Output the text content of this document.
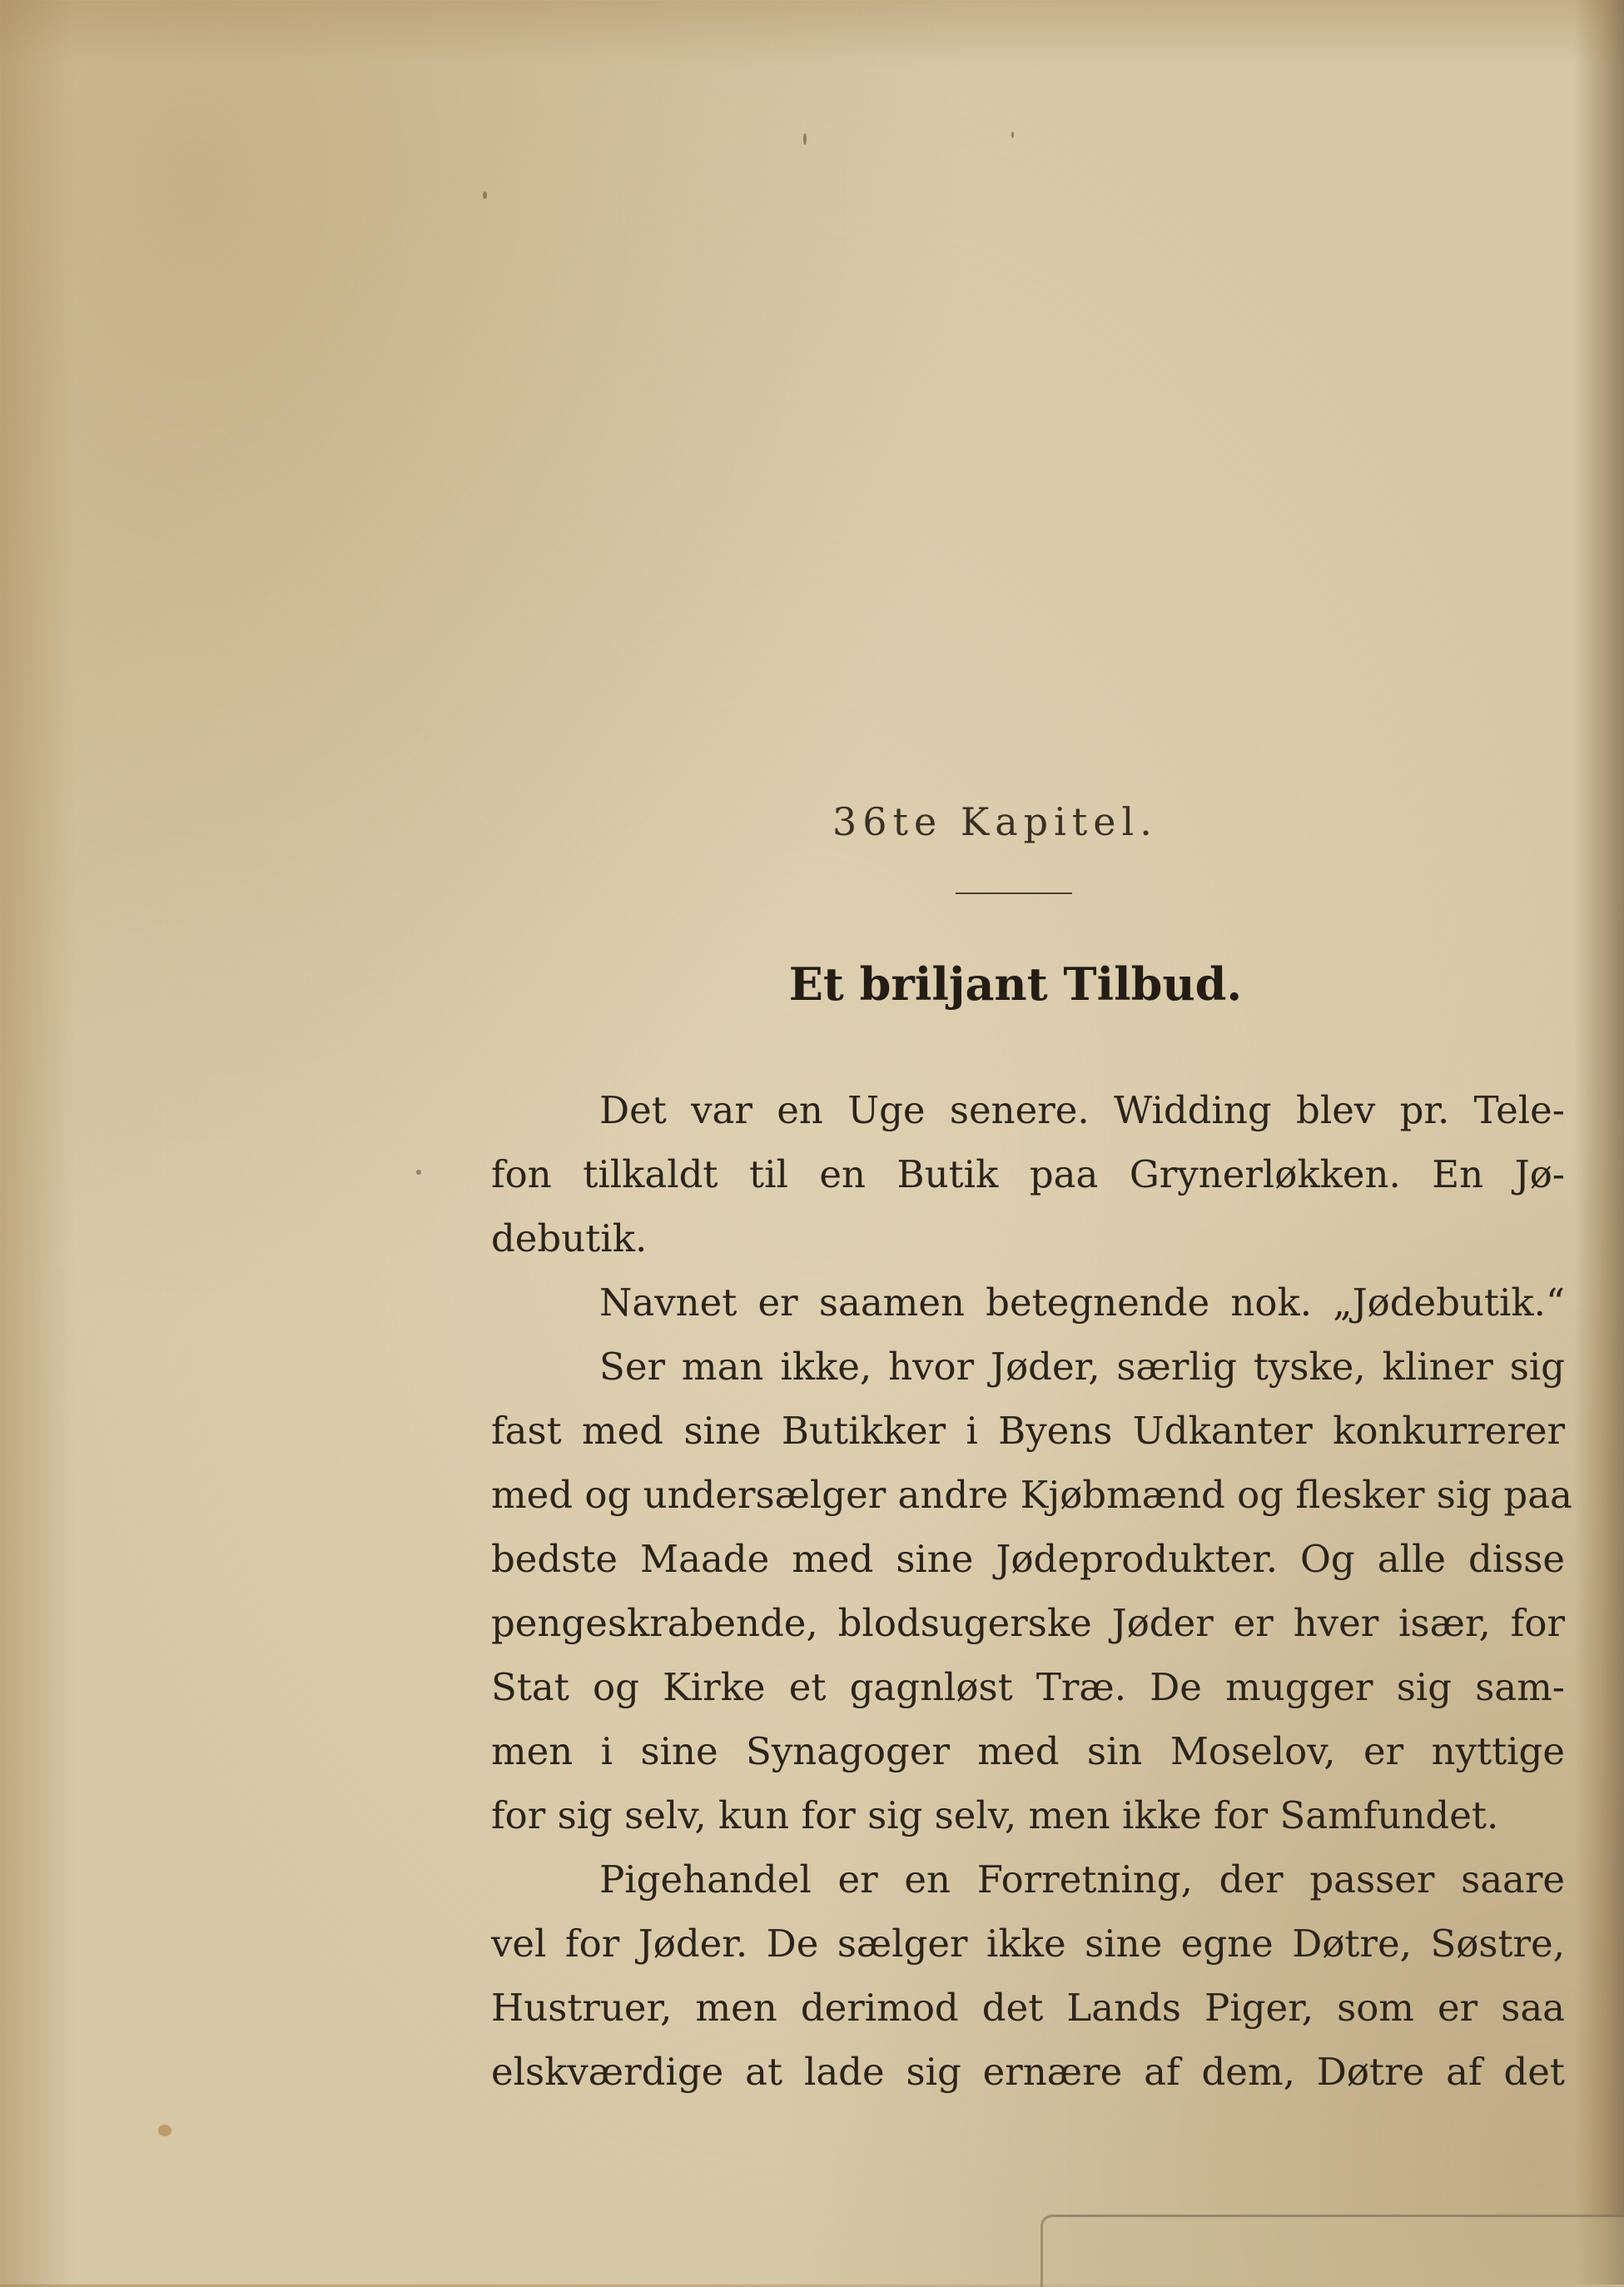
36te Kapitel.
Et briljant Tilbud.
Det var en Uge senere. Widding blev pr. Tele-
fon tilkaldt til en Butik paa Grynerløkken. En Jø-
debutik.
Navnet er saamen betegnende nok. „Jødebutik.“
Ser man ikke, hvor Jøder, særlig tyske, kliner sig
fast med sine Butikker i Byens Udkanter konkurrerer
med og undersælger andre Kjøbmænd og flesker sig paa
bedste Maade med sine Jødeprodukter. Og alle disse
pengeskrabende, blodsugerske Jøder er hver især, for
Stat og Kirke et gagnløst Træ. De mugger sig sam-
men i sine Synagoger med sin Moselov, er nyttige
for sig selv, kun for sig selv, men ikke for Samfundet.
Pigehandel er en Forretning, der passer saare
vel for Jøder. De sælger ikke sine egne Døtre, Søstre,
Hustruer, men derimod det Lands Piger, som er saa
elskværdige at lade sig ernære af dem, Døtre af det
